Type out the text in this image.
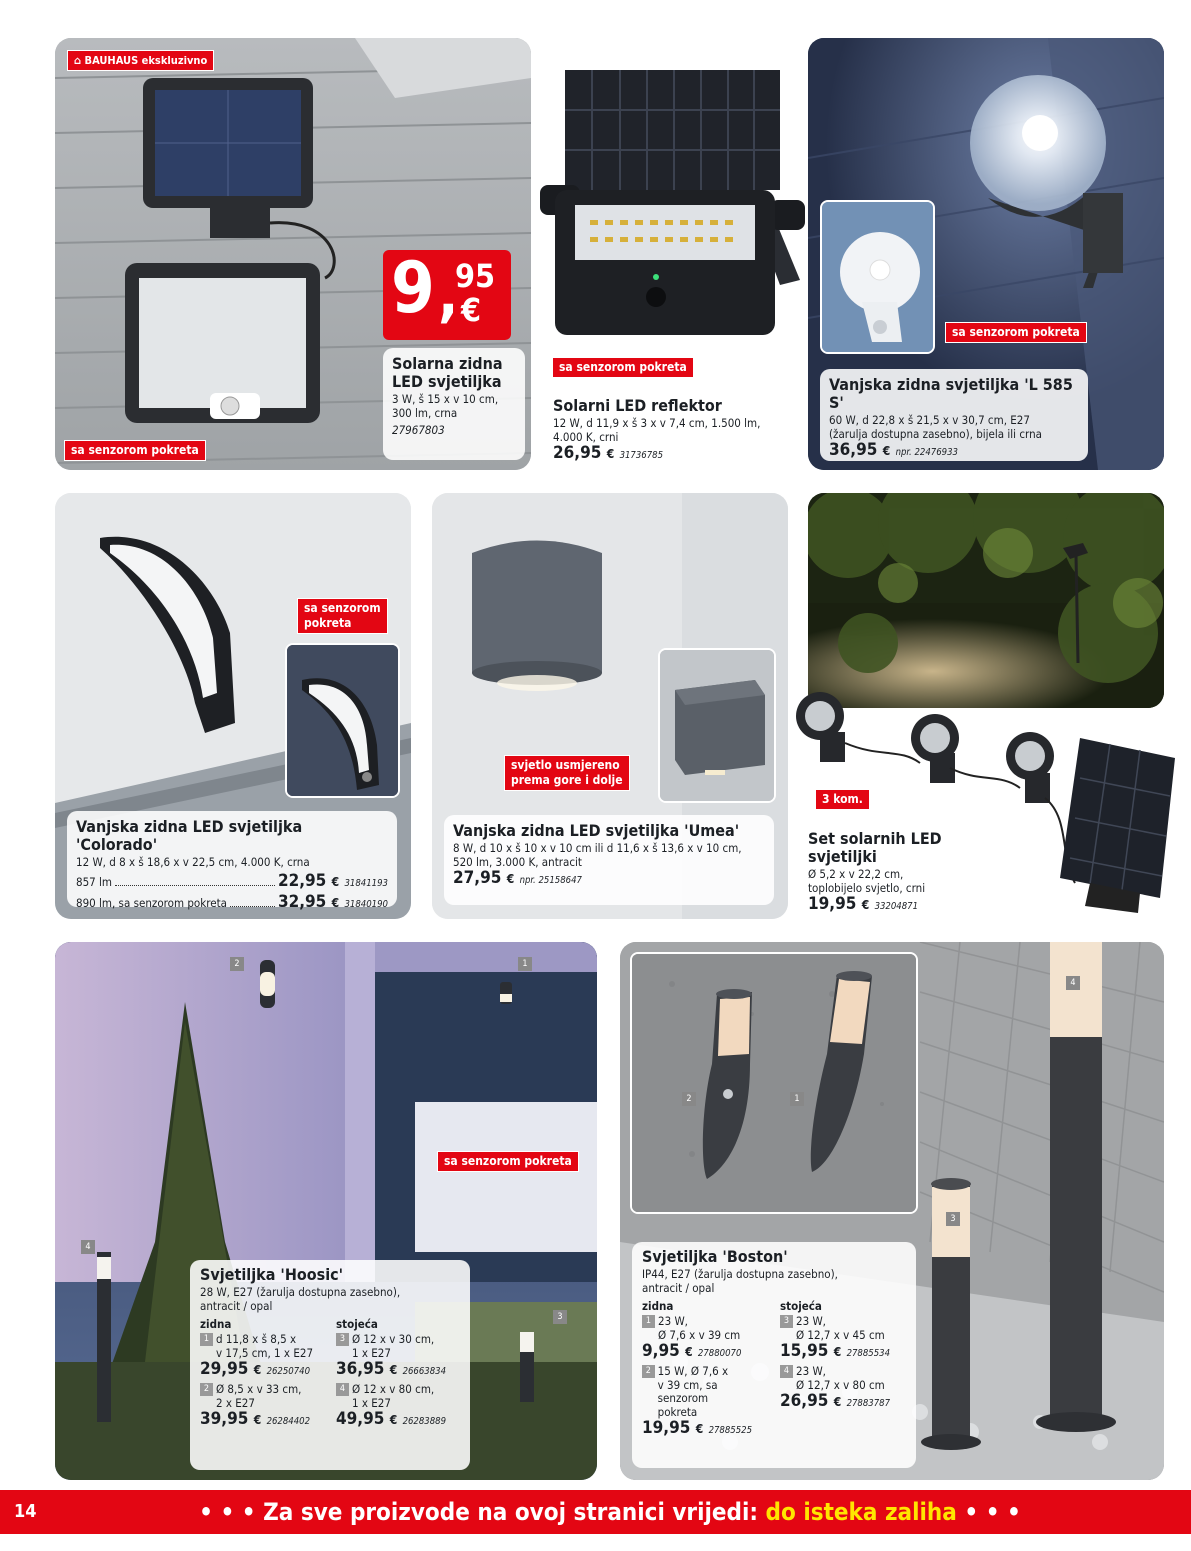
⌂ BAUHAUS ekskluzivno
sa senzorom pokreta
9 ,
95
€
Solarna zidna
LED svjetiljka
3 W, š 15 x v 10 cm,
300 lm, crna
27967803
sa senzorom pokreta
Solarni LED reflektor
12 W, d 11,9 x š 3 x v 7,4 cm, 1.500 lm,
4.000 K, crni
26,95 € 31736785
sa senzorom pokreta
Vanjska zidna svjetiljka 'L 585 S'
60 W, d 22,8 x š 21,5 x v 30,7 cm, E27
(žarulja dostupna zasebno), bijela ili crna
36,95 € npr. 22476933
sa senzorom
pokreta
Vanjska zidna LED svjetiljka 'Colorado'
12 W, d 8 x š 18,6 x v 22,5 cm, 4.000 K, crna
857 lm	22,95 € 31841193
890 lm, sa senzorom pokreta	32,95 € 31840190
svjetlo usmjereno
prema gore i dolje
Vanjska zidna LED svjetiljka 'Umea'
8 W, d 10 x š 10 x v 10 cm ili d 11,6 x š 13,6 x v 10 cm,
520 lm, 3.000 K, antracit
27,95 € npr. 25158647
3 kom.
Set solarnih LED
svjetiljki
Ø 5,2 x v 22,2 cm,
toplobijelo svjetlo, crni
19,95 € 33204871
2	1
4
3
sa senzorom pokreta
Svjetiljka 'Hoosic'
28 W, E27 (žarulja dostupna zasebno),
antracit / opal
zidna
1 d 11,8 x š 8,5 x
v 17,5 cm, 1 x E27
29,95 € 26250740
2 Ø 8,5 x v 33 cm,
2 x E27
39,95 € 26284402
stojeća
3 Ø 12 x v 30 cm,
1 x E27
36,95 € 26663834
4 Ø 12 x v 80 cm,
1 x E27
49,95 € 26283889
2	1
3
4
Svjetiljka 'Boston'
IP44, E27 (žarulja dostupna zasebno),
antracit / opal
zidna
1 23 W,
Ø 7,6 x v 39 cm
9,95 € 27880070
2 15 W, Ø 7,6 x
v 39 cm, sa senzorom
pokreta
19,95 € 27885525
stojeća
3 23 W,
Ø 12,7 x v 45 cm
15,95 € 27885534
4 23 W,
Ø 12,7 x v 80 cm
26,95 € 27883787
14	• • • Za sve proizvode na ovoj stranici vrijedi: do isteka zaliha • • •
